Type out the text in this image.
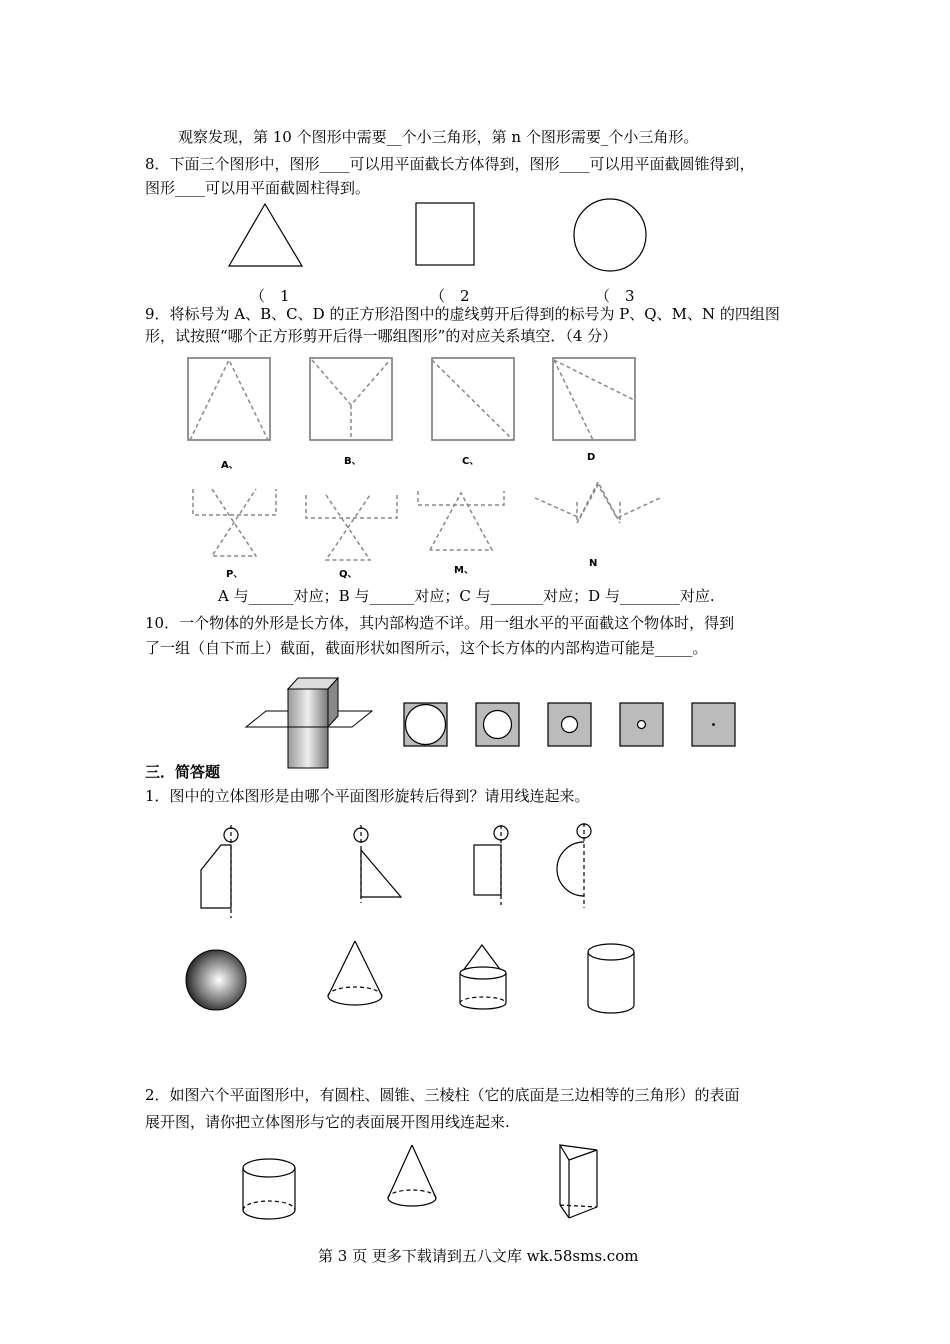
观察发现，第 10 个图形中需要__个小三角形，第 n 个图形需要_个小三角形。
8．下面三个图形中，图形____可以用平面截长方体得到，图形____可以用平面截圆锥得到，
图形____可以用平面截圆柱得到。
（　1	（　2	（　3
9．将标号为 A、B、C、D 的正方形沿图中的虚线剪开后得到的标号为 P、Q、M、N 的四组图
形，试按照“哪个正方形剪开后得一哪组图形”的对应关系填空．（4 分）
A、	B、	C、	D
P、	Q、	M、
N
A 与______对应；B 与______对应；C 与_______对应；D 与________对应.
10．一个物体的外形是长方体，其内部构造不详。用一组水平的平面截这个物体时，得到
了一组（自下而上）截面，截面形状如图所示，这个长方体的内部构造可能是_____。
三．简答题
1．图中的立体图形是由哪个平面图形旋转后得到？请用线连起来。
2．如图六个平面图形中，有圆柱、圆锥、三棱柱（它的底面是三边相等的三角形）的表面
展开图，请你把立体图形与它的表面展开图用线连起来.
第 3 页 更多下载请到五八文库 wk.58sms.com
